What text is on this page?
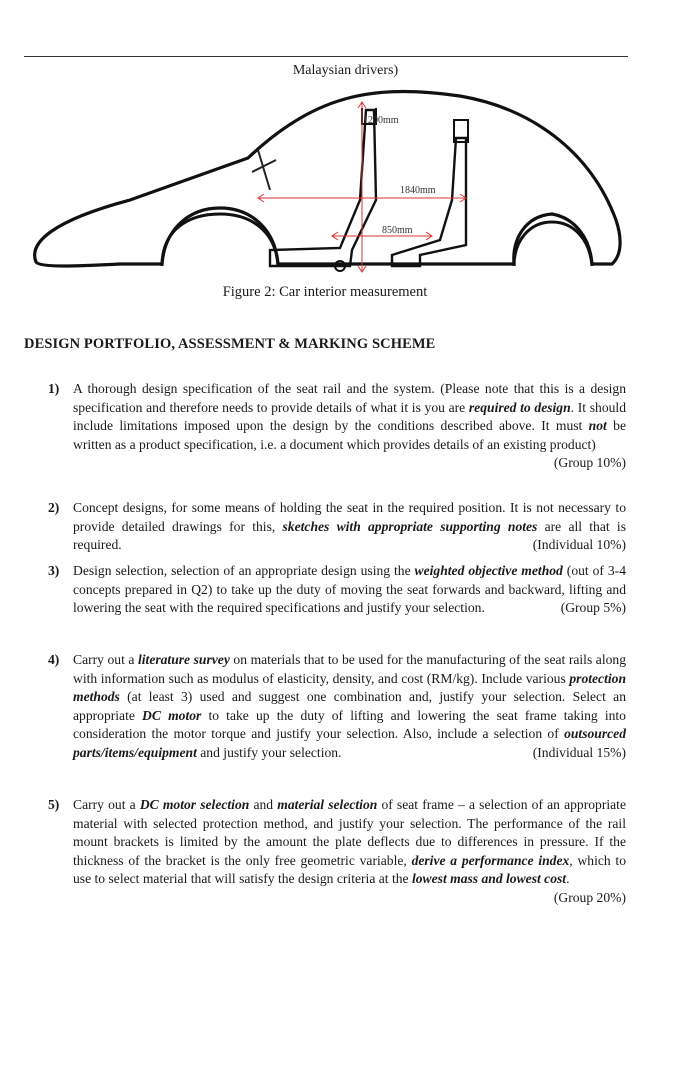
Malaysian drivers)
1200mm
1840mm
850mm
Figure 2: Car interior measurement
DESIGN PORTFOLIO, ASSESSMENT & MARKING SCHEME
1) A thorough design specification of the seat rail and the system. (Please note that this is a design specification and therefore needs to provide details of what it is you are required to design. It should include limitations imposed upon the design by the conditions described above. It must not be written as a product specification, i.e. a document which provides details of an existing product)
(Group 10%)
2) Concept designs, for some means of holding the seat in the required position. It is not necessary to provide detailed drawings for this, sketches with appropriate supporting notes are all that is required.	(Individual 10%)
3) Design selection, selection of an appropriate design using the weighted objective method (out of 3-4 concepts prepared in Q2) to take up the duty of moving the seat forwards and backward, lifting and lowering the seat with the required specifications and justify your selection.	(Group 5%)
4) Carry out a literature survey on materials that to be used for the manufacturing of the seat rails along with information such as modulus of elasticity, density, and cost (RM/kg). Include various protection methods (at least 3) used and suggest one combination and, justify your selection. Select an appropriate DC motor to take up the duty of lifting and lowering the seat frame taking into consideration the motor torque and justify your selection. Also, include a selection of outsourced parts/items/equipment and justify your selection.	(Individual 15%)
5) Carry out a DC motor selection and material selection of seat frame – a selection of an appropriate material with selected protection method, and justify your selection. The performance of the rail mount brackets is limited by the amount the plate deflects due to differences in pressure. If the thickness of the bracket is the only free geometric variable, derive a performance index, which to use to select material that will satisfy the design criteria at the lowest mass and lowest cost.
(Group 20%)
